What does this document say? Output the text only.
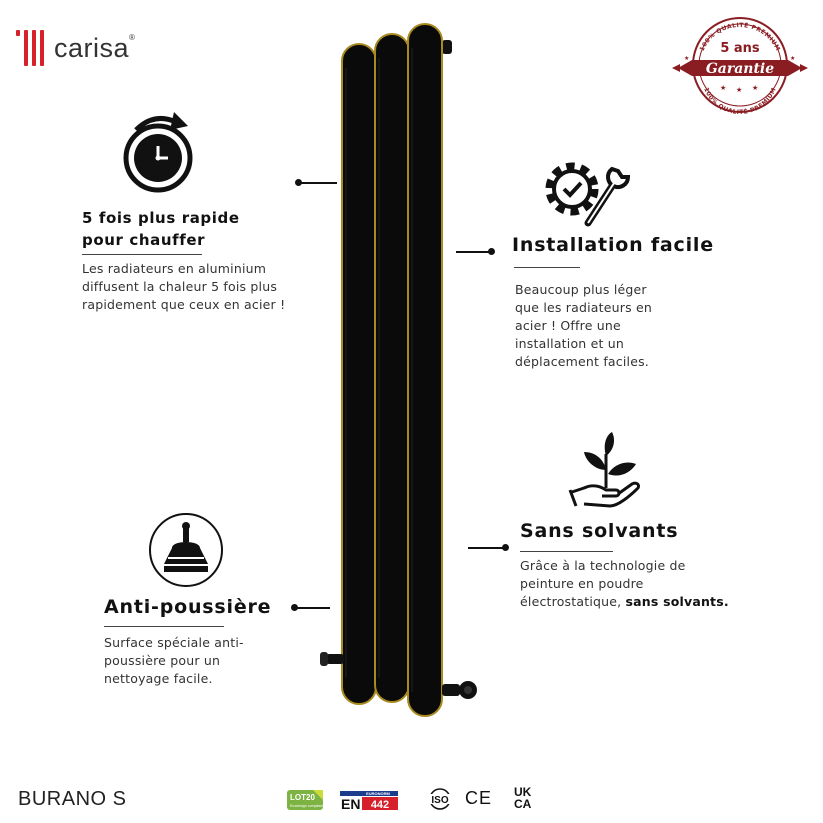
carisa®
100% QUALITÉ PREMIUM
100% QUALITÉ PREMIUM
5 ans
Garantie
★ ★ ★
★	★
5 fois plus rapide
pour chauffer
Les radiateurs en aluminium
diffusent la chaleur 5 fois plus
rapidement que ceux en acier !
Installation facile
Beaucoup plus léger
que les radiateurs en
acier ! Offre une
installation et un
déplacement faciles.
Sans solvants
Grâce à la technologie de
peinture en poudre
électrostatique, sans solvants.
Anti-poussière
Surface spéciale anti-
poussière pour un
nettoyage facile.
BURANO S	LOT20
Ecodesign compliant
EURONORM
EN 442	ISO CE UK
CA
